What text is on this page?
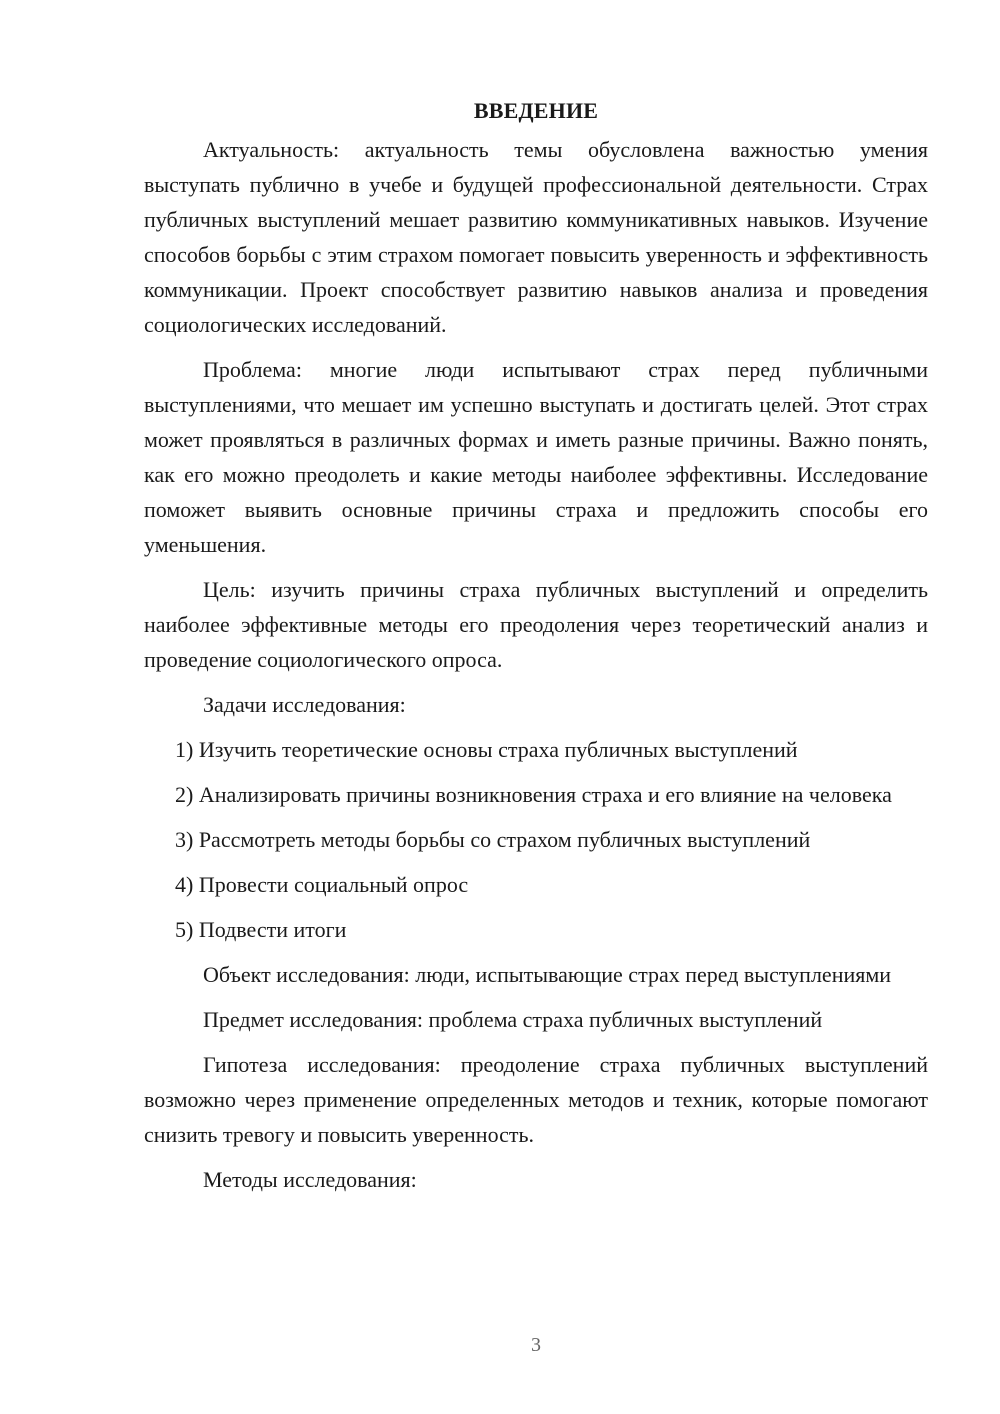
ВВЕДЕНИЕ

Актуальность: актуальность темы обусловлена важностью умения выступать публично в учебе и будущей профессиональной деятельности. Страх публичных выступлений мешает развитию коммуникативных навыков. Изучение способов борьбы с этим страхом помогает повысить уверенность и эффективность коммуникации. Проект способствует развитию навыков анализа и проведения социологических исследований.

Проблема: многие люди испытывают страх перед публичными выступлениями, что мешает им успешно выступать и достигать целей. Этот страх может проявляться в различных формах и иметь разные причины. Важно понять, как его можно преодолеть и какие методы наиболее эффективны. Исследование поможет выявить основные причины страха и предложить способы его уменьшения.

Цель: изучить причины страха публичных выступлений и определить наиболее эффективные методы его преодоления через теоретический анализ и проведение социологического опроса.

Задачи исследования:

1) Изучить теоретические основы страха публичных выступлений

2) Анализировать причины возникновения страха и его влияние на человека

3) Рассмотреть методы борьбы со страхом публичных выступлений

4) Провести социальный опрос

5) Подвести итоги

Объект исследования: люди, испытывающие страх перед выступлениями

Предмет исследования: проблема страха публичных выступлений

Гипотеза исследования: преодоление страха публичных выступлений возможно через применение определенных методов и техник, которые помогают снизить тревогу и повысить уверенность.

Методы исследования:

3
